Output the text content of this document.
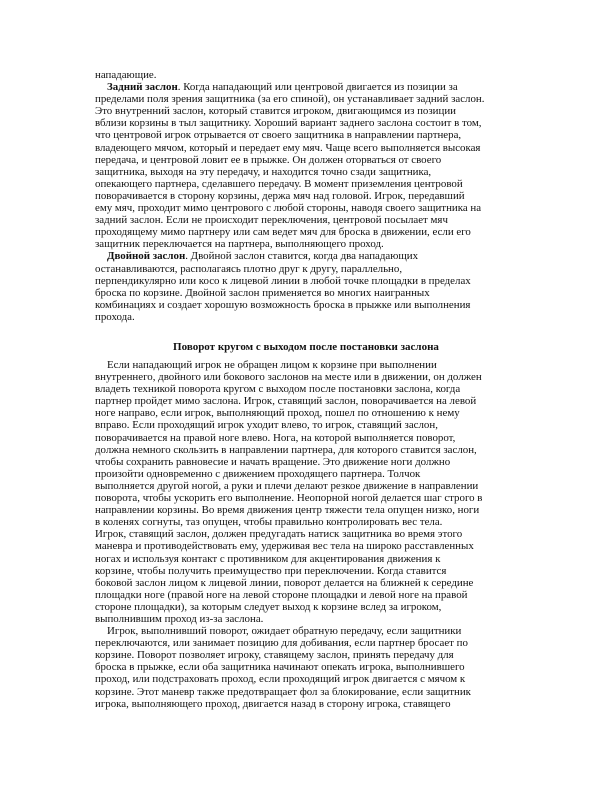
нападающие.
Задний заслон. Когда нападающий или центровой двигается из позиции за
пределами поля зрения защитника (за его спиной), он устанавливает задний заслон.
Это внутренний заслон, который ставится игроком, двигающимся из позиции
вблизи корзины в тыл защитнику. Хороший вариант заднего заслона состоит в том,
что центровой игрок отрывается от своего защитника в направлении партнера,
владеющего мячом, который и передает ему мяч. Чаще всего выполняется высокая
передача, и центровой ловит ее в прыжке. Он должен оторваться от своего
защитника, выходя на эту передачу, и находится точно сзади защитника,
опекающего партнера, сделавшего передачу. В момент приземления центровой
поворачивается в сторону корзины, держа мяч над головой. Игрок, передавший
ему мяч, проходит мимо центрового с любой стороны, наводя своего защитника на
задний заслон. Если не происходит переключения, центровой посылает мяч
проходящему мимо партнеру или сам ведет мяч для броска в движении, если его
защитник переключается на партнера, выполняющего проход.
Двойной заслон. Двойной заслон ставится, когда два нападающих
останавливаются, располагаясь плотно друг к другу, параллельно,
перпендикулярно или косо к лицевой линии в любой точке площадки в пределах
броска по корзине. Двойной заслон применяется во многих наигранных
комбинациях и создает хорошую возможность броска в прыжке или выполнения
прохода.
Поворот кругом с выходом после постановки заслона
Если нападающий игрок не обращен лицом к корзине при выполнении
внутреннего, двойного или бокового заслонов на месте или в движении, он должен
владеть техникой поворота кругом с выходом после постановки заслона, когда
партнер пройдет мимо заслона. Игрок, ставящий заслон, поворачивается на левой
ноге направо, если игрок, выполняющий проход, пошел по отношению к нему
вправо. Если проходящий игрок уходит влево, то игрок, ставящий заслон,
поворачивается на правой ноге влево. Нога, на которой выполняется поворот,
должна немного скользить в направлении партнера, для которого ставится заслон,
чтобы сохранить равновесие и начать вращение. Это движение ноги должно
произойти одновременно с движением проходящего партнера. Толчок
выполняется другой ногой, а руки и плечи делают резкое движение в направлении
поворота, чтобы ускорить его выполнение. Неопорной ногой делается шаг строго в
направлении корзины. Во время движения центр тяжести тела опущен низко, ноги
в коленях согнуты, таз опущен, чтобы правильно контролировать вес тела.
Игрок, ставящий заслон, должен предугадать натиск защитника во время этого
маневра и противодействовать ему, удерживая вес тела на широко расставленных
ногах и используя контакт с противником для акцентирования движения к
корзине, чтобы получить преимущество при переключении. Когда ставится
боковой заслон лицом к лицевой линии, поворот делается на ближней к середине
площадки ноге (правой ноге на левой стороне площадки и левой ноге на правой
стороне площадки), за которым следует выход к корзине вслед за игроком,
выполнившим проход из-за заслона.
Игрок, выполнивший поворот, ожидает обратную передачу, если защитники
переключаются, или занимает позицию для добивания, если партнер бросает по
корзине. Поворот позволяет игроку, ставящему заслон, принять передачу для
броска в прыжке, если оба защитника начинают опекать игрока, выполнившего
проход, или подстраховать проход, если проходящий игрок двигается с мячом к
корзине. Этот маневр также предотвращает фол за блокирование, если защитник
игрока, выполняющего проход, двигается назад в сторону игрока, ставящего
